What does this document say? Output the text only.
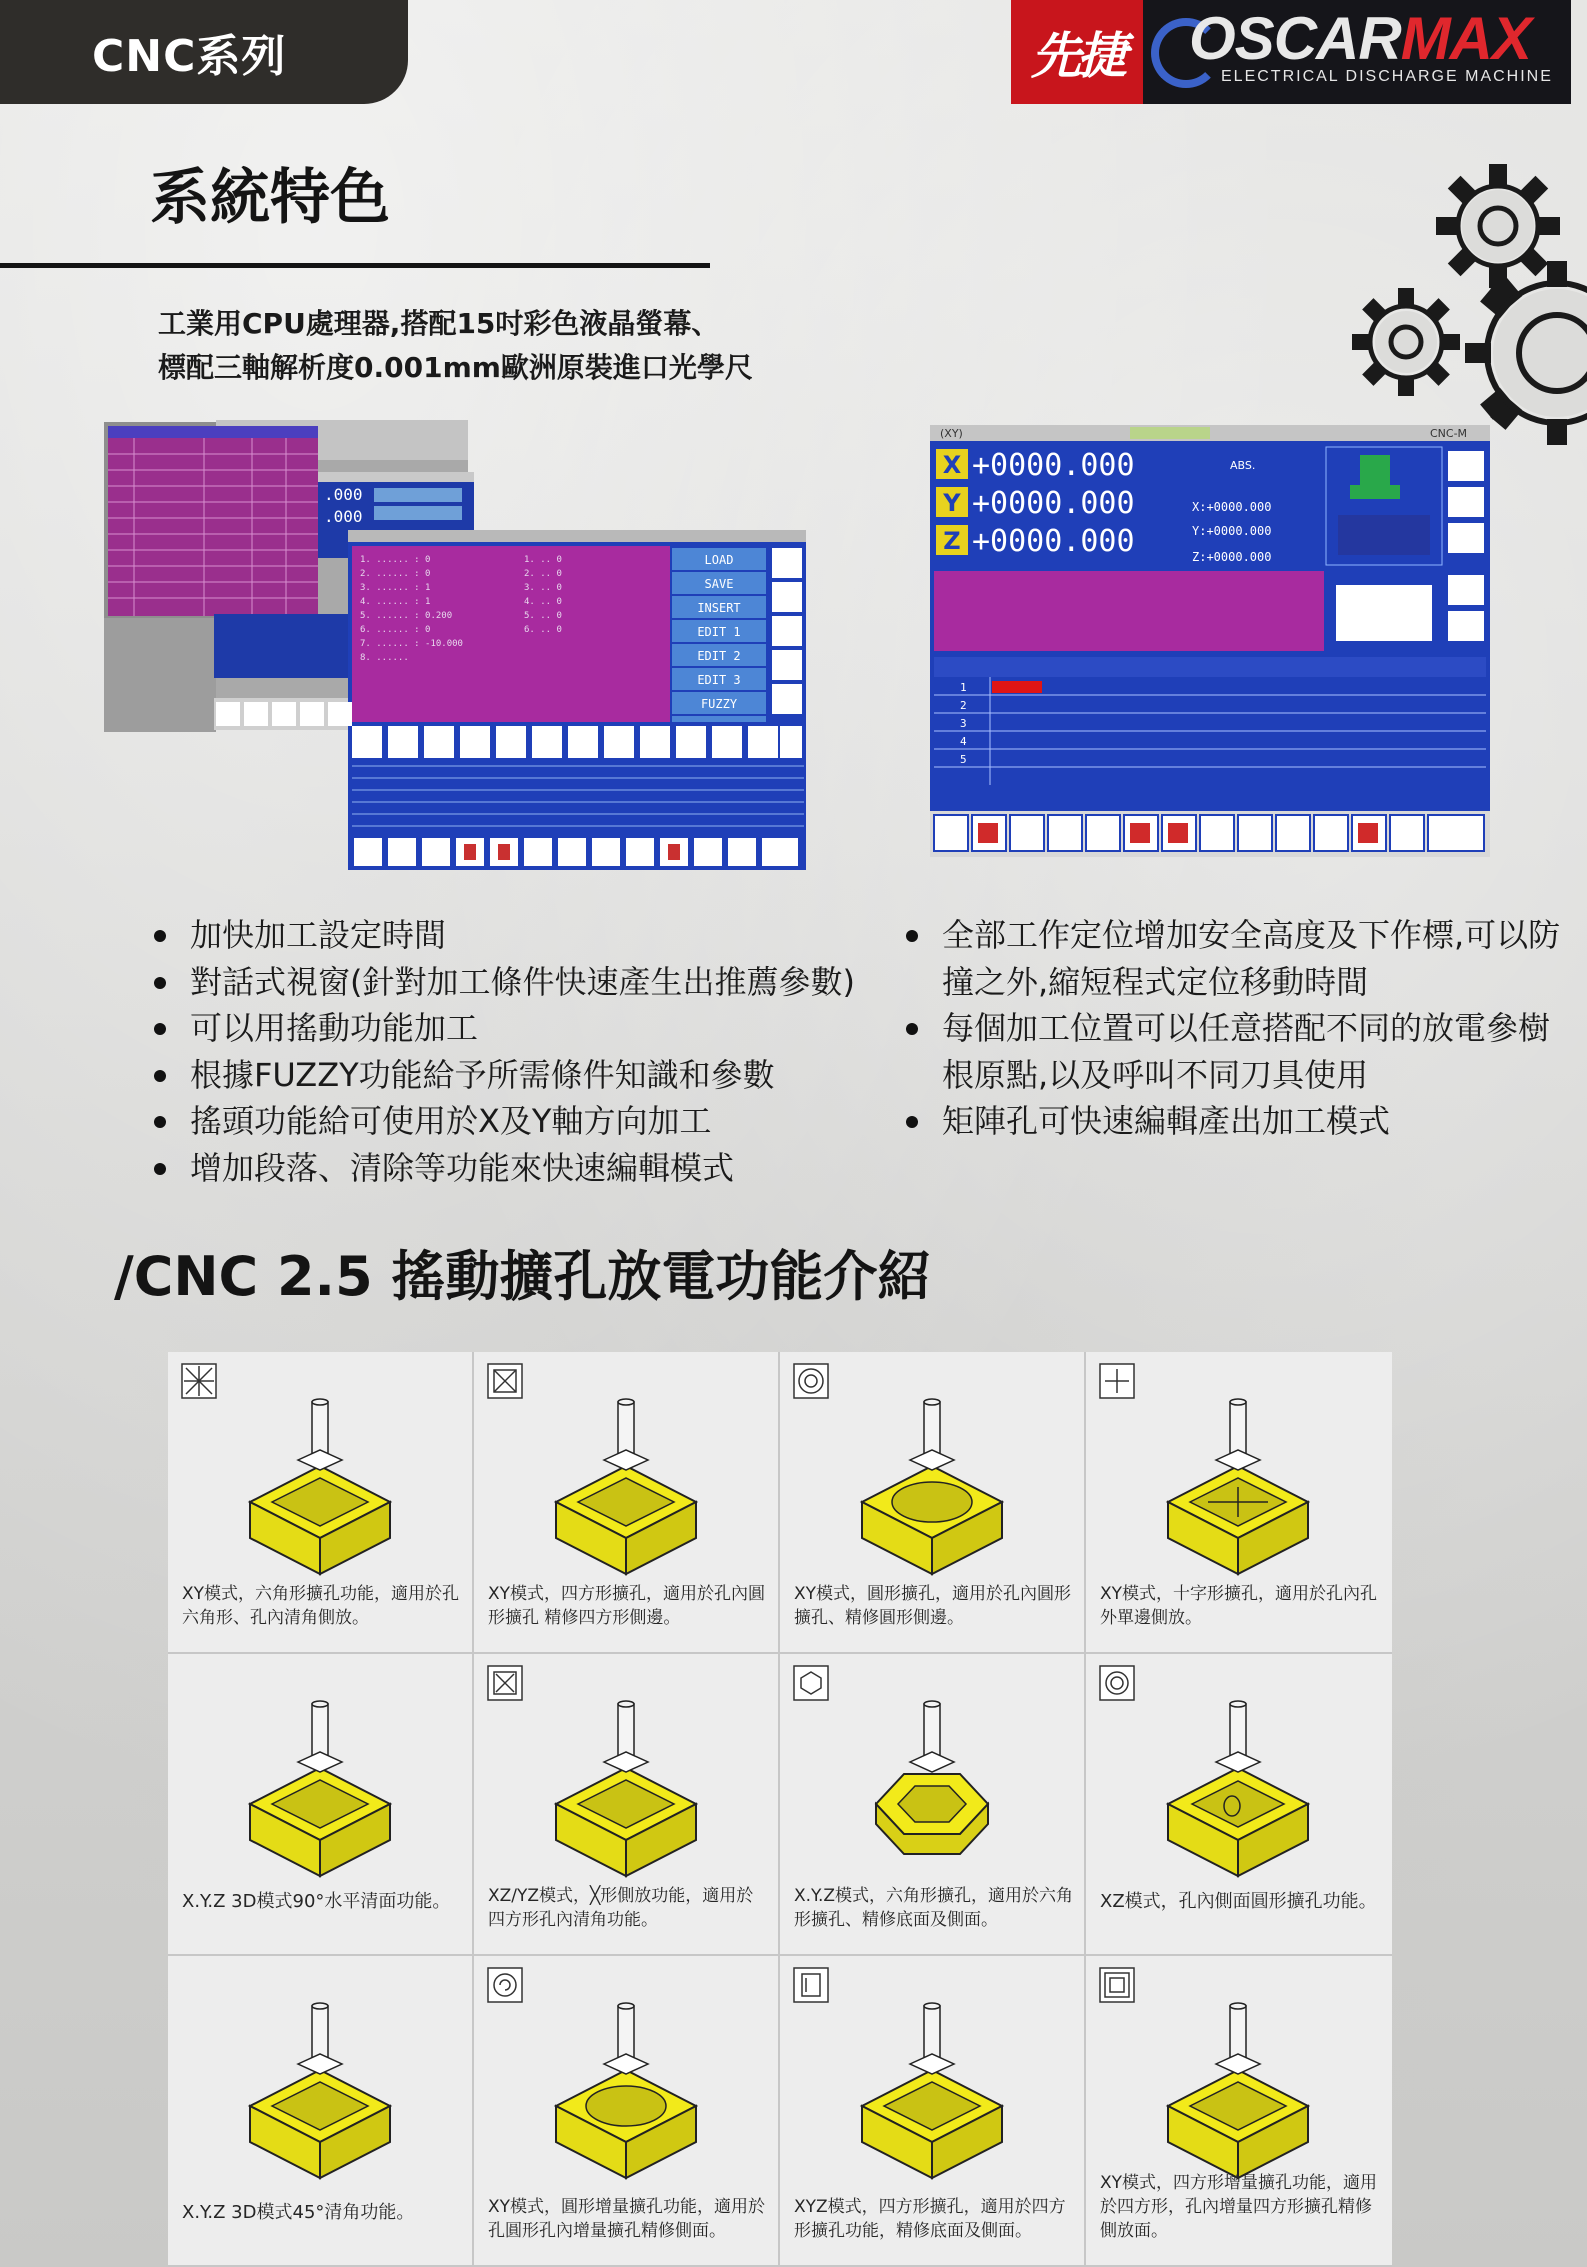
CNC系列	先捷 OSCARMAX
ELECTRICAL DISCHARGE MACHINE
系統特色
工業用CPU處理器,搭配15吋彩色液晶螢幕、
標配三軸解析度0.001mm歐洲原裝進口光學尺
.000
.000
1. ...... : 0
2. ...... : 0
3. ...... : 1
4. ...... : 1
5. ...... : 0.200
6. ...... : 0
7. ...... : -10.000
8. ......
1. .. 0
2. .. 0
3. .. 0
4. .. 0
5. .. 0
6. .. 0
LOAD
SAVE
INSERT
EDIT 1
EDIT 2
EDIT 3
FUZZY
(XY)	CNC-M
X
Y
Z
+0000.000
+0000.000
+0000.000
ABS.
X:+0000.000
Y:+0000.000
Z:+0000.000
1
2
3
4
5
加快加工設定時間
對話式視窗(針對加工條件快速產生出推薦參數)
可以用搖動功能加工
根據FUZZY功能給予所需條件知識和參數
搖頭功能給可使用於X及Y軸方向加工
增加段落、清除等功能來快速編輯模式
全部工作定位增加安全高度及下作標,可以防撞之外,縮短程式定位移動時間
每個加工位置可以任意搭配不同的放電參樹根原點,以及呼叫不同刀具使用
矩陣孔可快速編輯產出加工模式
/CNC 2.5 搖動擴孔放電功能介紹
XY模式，六角形擴孔功能，適用於孔六角形、孔內清角側放。
XY模式，四方形擴孔，適用於孔內圓形擴孔 精修四方形側邊。
XY模式，圓形擴孔，適用於孔內圓形擴孔、精修圓形側邊。
XY模式，十字形擴孔，適用於孔內孔外單邊側放。
X.Y.Z 3D模式90°水平清面功能。	XZ/YZ模式，╳形側放功能，適用於四方形孔內清角功能。
X.Y.Z模式，六角形擴孔，適用於六角形擴孔、精修底面及側面。
XZ模式，孔內側面圓形擴孔功能。
X.Y.Z 3D模式45°清角功能。	XY模式，圓形增量擴孔功能，適用於孔圓形孔內增量擴孔精修側面。
XYZ模式，四方形擴孔，適用於四方形擴孔功能，精修底面及側面。
XY模式，四方形增量擴孔功能，適用於四方形，孔內增量四方形擴孔精修側放面。
